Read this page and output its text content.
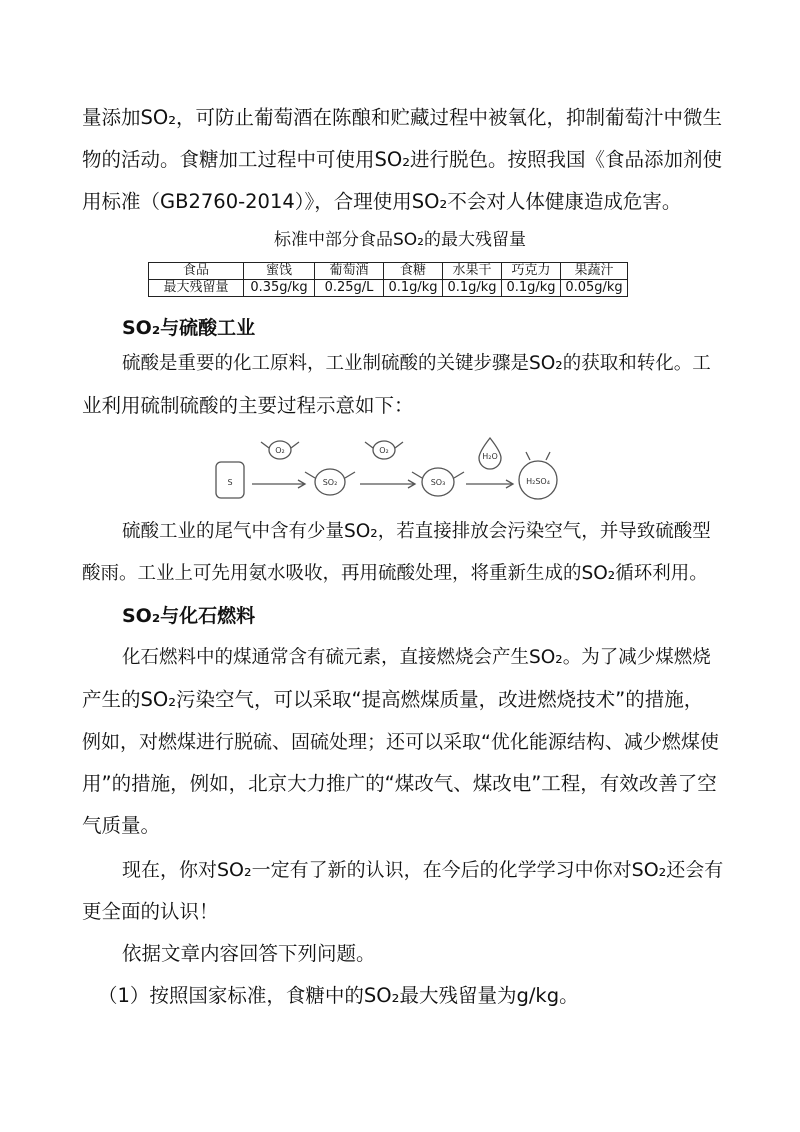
量添加SO₂，可防止葡萄酒在陈酿和贮藏过程中被氧化，抑制葡萄汁中微生
物的活动。食糖加工过程中可使用SO₂进行脱色。按照我国《食品添加剂使
用标准（GB2760-2014）》，合理使用SO₂不会对人体健康造成危害。
标准中部分食品SO₂的最大残留量
食品	蜜饯	葡萄酒	食糖	水果干	巧克力	果蔬汁
最大残留量	0.35g/kg	0.25g/L	0.1g/kg	0.1g/kg	0.1g/kg	0.05g/kg
SO₂与硫酸工业
硫酸是重要的化工原料，工业制硫酸的关键步骤是SO₂的获取和转化。工
业利用硫制硫酸的主要过程示意如下：
S
O₂
SO₂
O₂
SO₃
H₂O
H₂SO₄
硫酸工业的尾气中含有少量SO₂，若直接排放会污染空气，并导致硫酸型
酸雨。工业上可先用氨水吸收，再用硫酸处理，将重新生成的SO₂循环利用。
SO₂与化石燃料
化石燃料中的煤通常含有硫元素，直接燃烧会产生SO₂。为了减少煤燃烧
产生的SO₂污染空气，可以采取“提高燃煤质量，改进燃烧技术”的措施，
例如，对燃煤进行脱硫、固硫处理；还可以采取“优化能源结构、减少燃煤使
用”的措施，例如，北京大力推广的“煤改气、煤改电”工程，有效改善了空
气质量。
现在，你对SO₂一定有了新的认识，在今后的化学学习中你对SO₂还会有
更全面的认识！
依据文章内容回答下列问题。
（1）按照国家标准，食糖中的SO₂最大残留量为g/kg。
